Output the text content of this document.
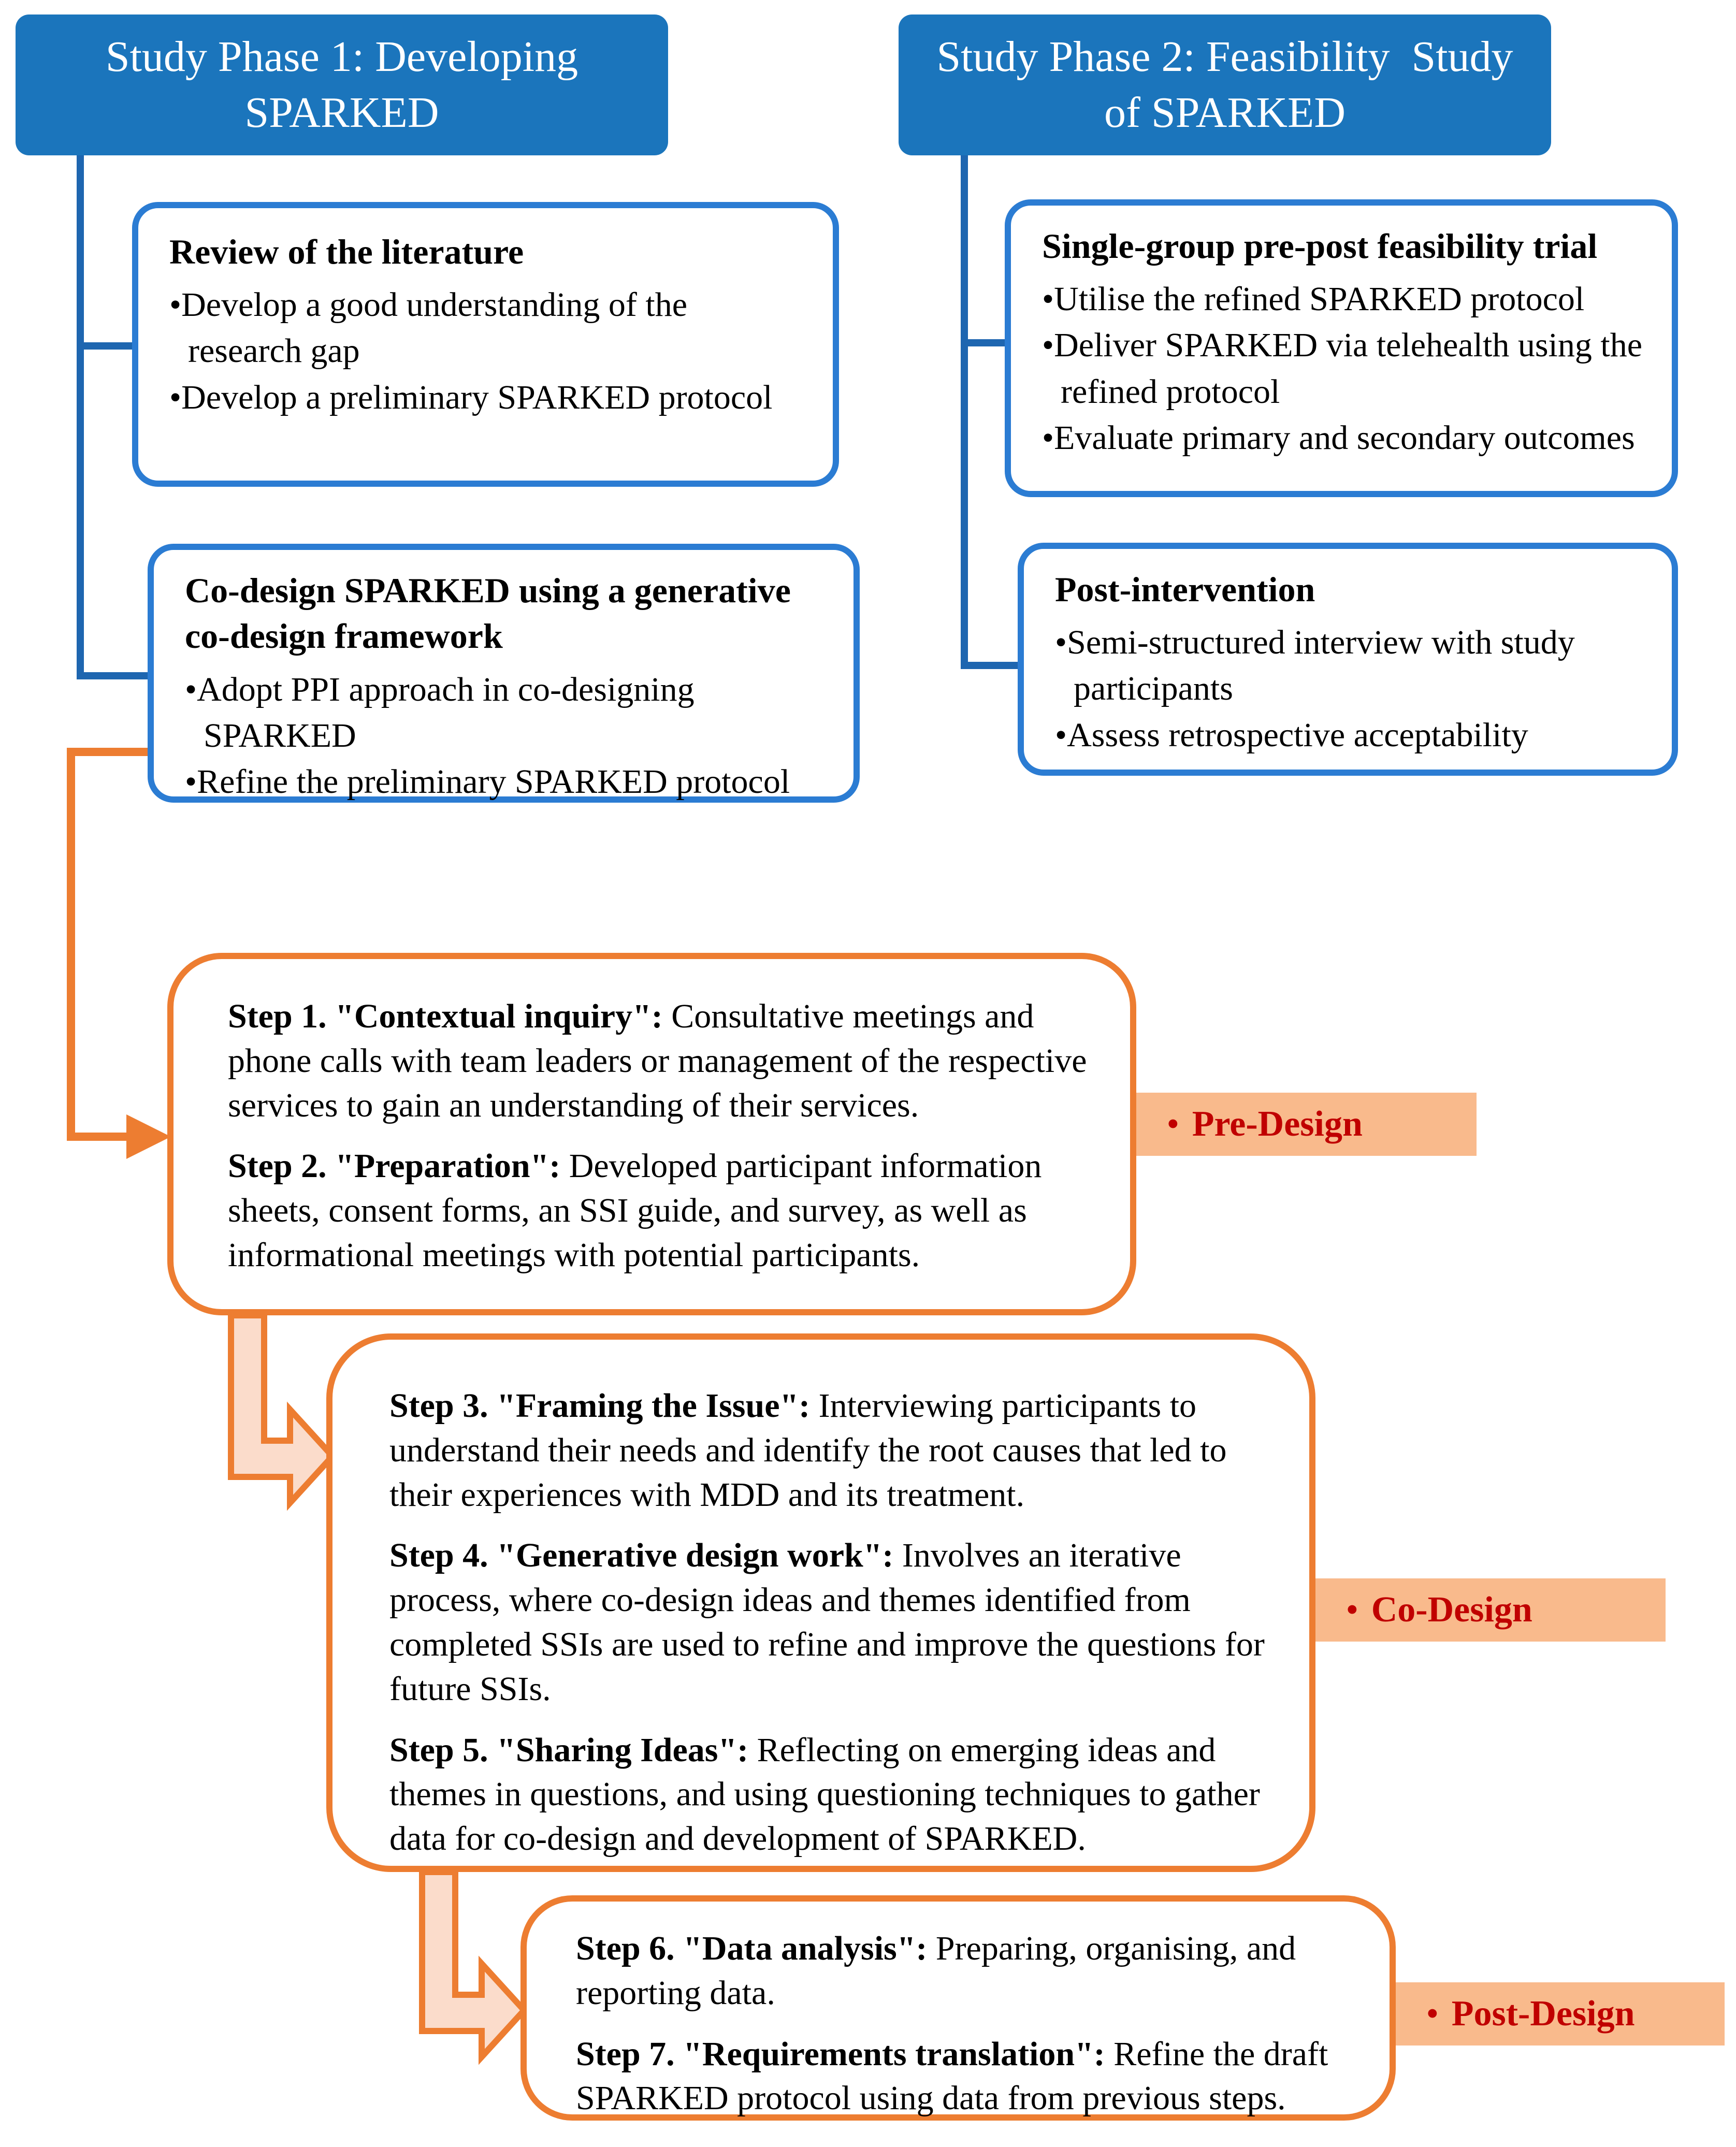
Study Phase 1: Developing
SPARKED
Study Phase 2: Feasibility  Study
of SPARKED
Review of the literature
•Develop a good understanding of the research gap
•Develop a preliminary SPARKED protocol
Co-design SPARKED using a generative co-design framework
•Adopt PPI approach in co-designing SPARKED
•Refine the preliminary SPARKED protocol
Single-group pre-post feasibility trial
•Utilise the refined SPARKED protocol
•Deliver SPARKED via telehealth using the refined protocol
•Evaluate primary and secondary outcomes
Post-intervention
•Semi-structured interview with study participants
•Assess retrospective acceptability

Step 1. "Contextual inquiry": Consultative meetings and phone calls with team leaders or management of the respective services to gain an understanding of their services.

Step 2. "Preparation": Developed participant information sheets, consent forms, an SSI guide, and survey, as well as informational meetings with potential participants.

Step 3. "Framing the Issue": Interviewing participants to understand their needs and identify the root causes that led to their experiences with MDD and its treatment.

Step 4. "Generative design work": Involves an iterative process, where co-design ideas and themes identified from completed SSIs are used to refine and improve the questions for future SSIs.

Step 5. "Sharing Ideas": Reflecting on emerging ideas and themes in questions, and using questioning techniques to gather data for co-design and development of SPARKED.

Step 6. "Data analysis": Preparing, organising, and reporting data.

Step 7. "Requirements translation": Refine the draft SPARKED protocol using data from previous steps.

• Pre-Design
• Co-Design
• Post-Design
